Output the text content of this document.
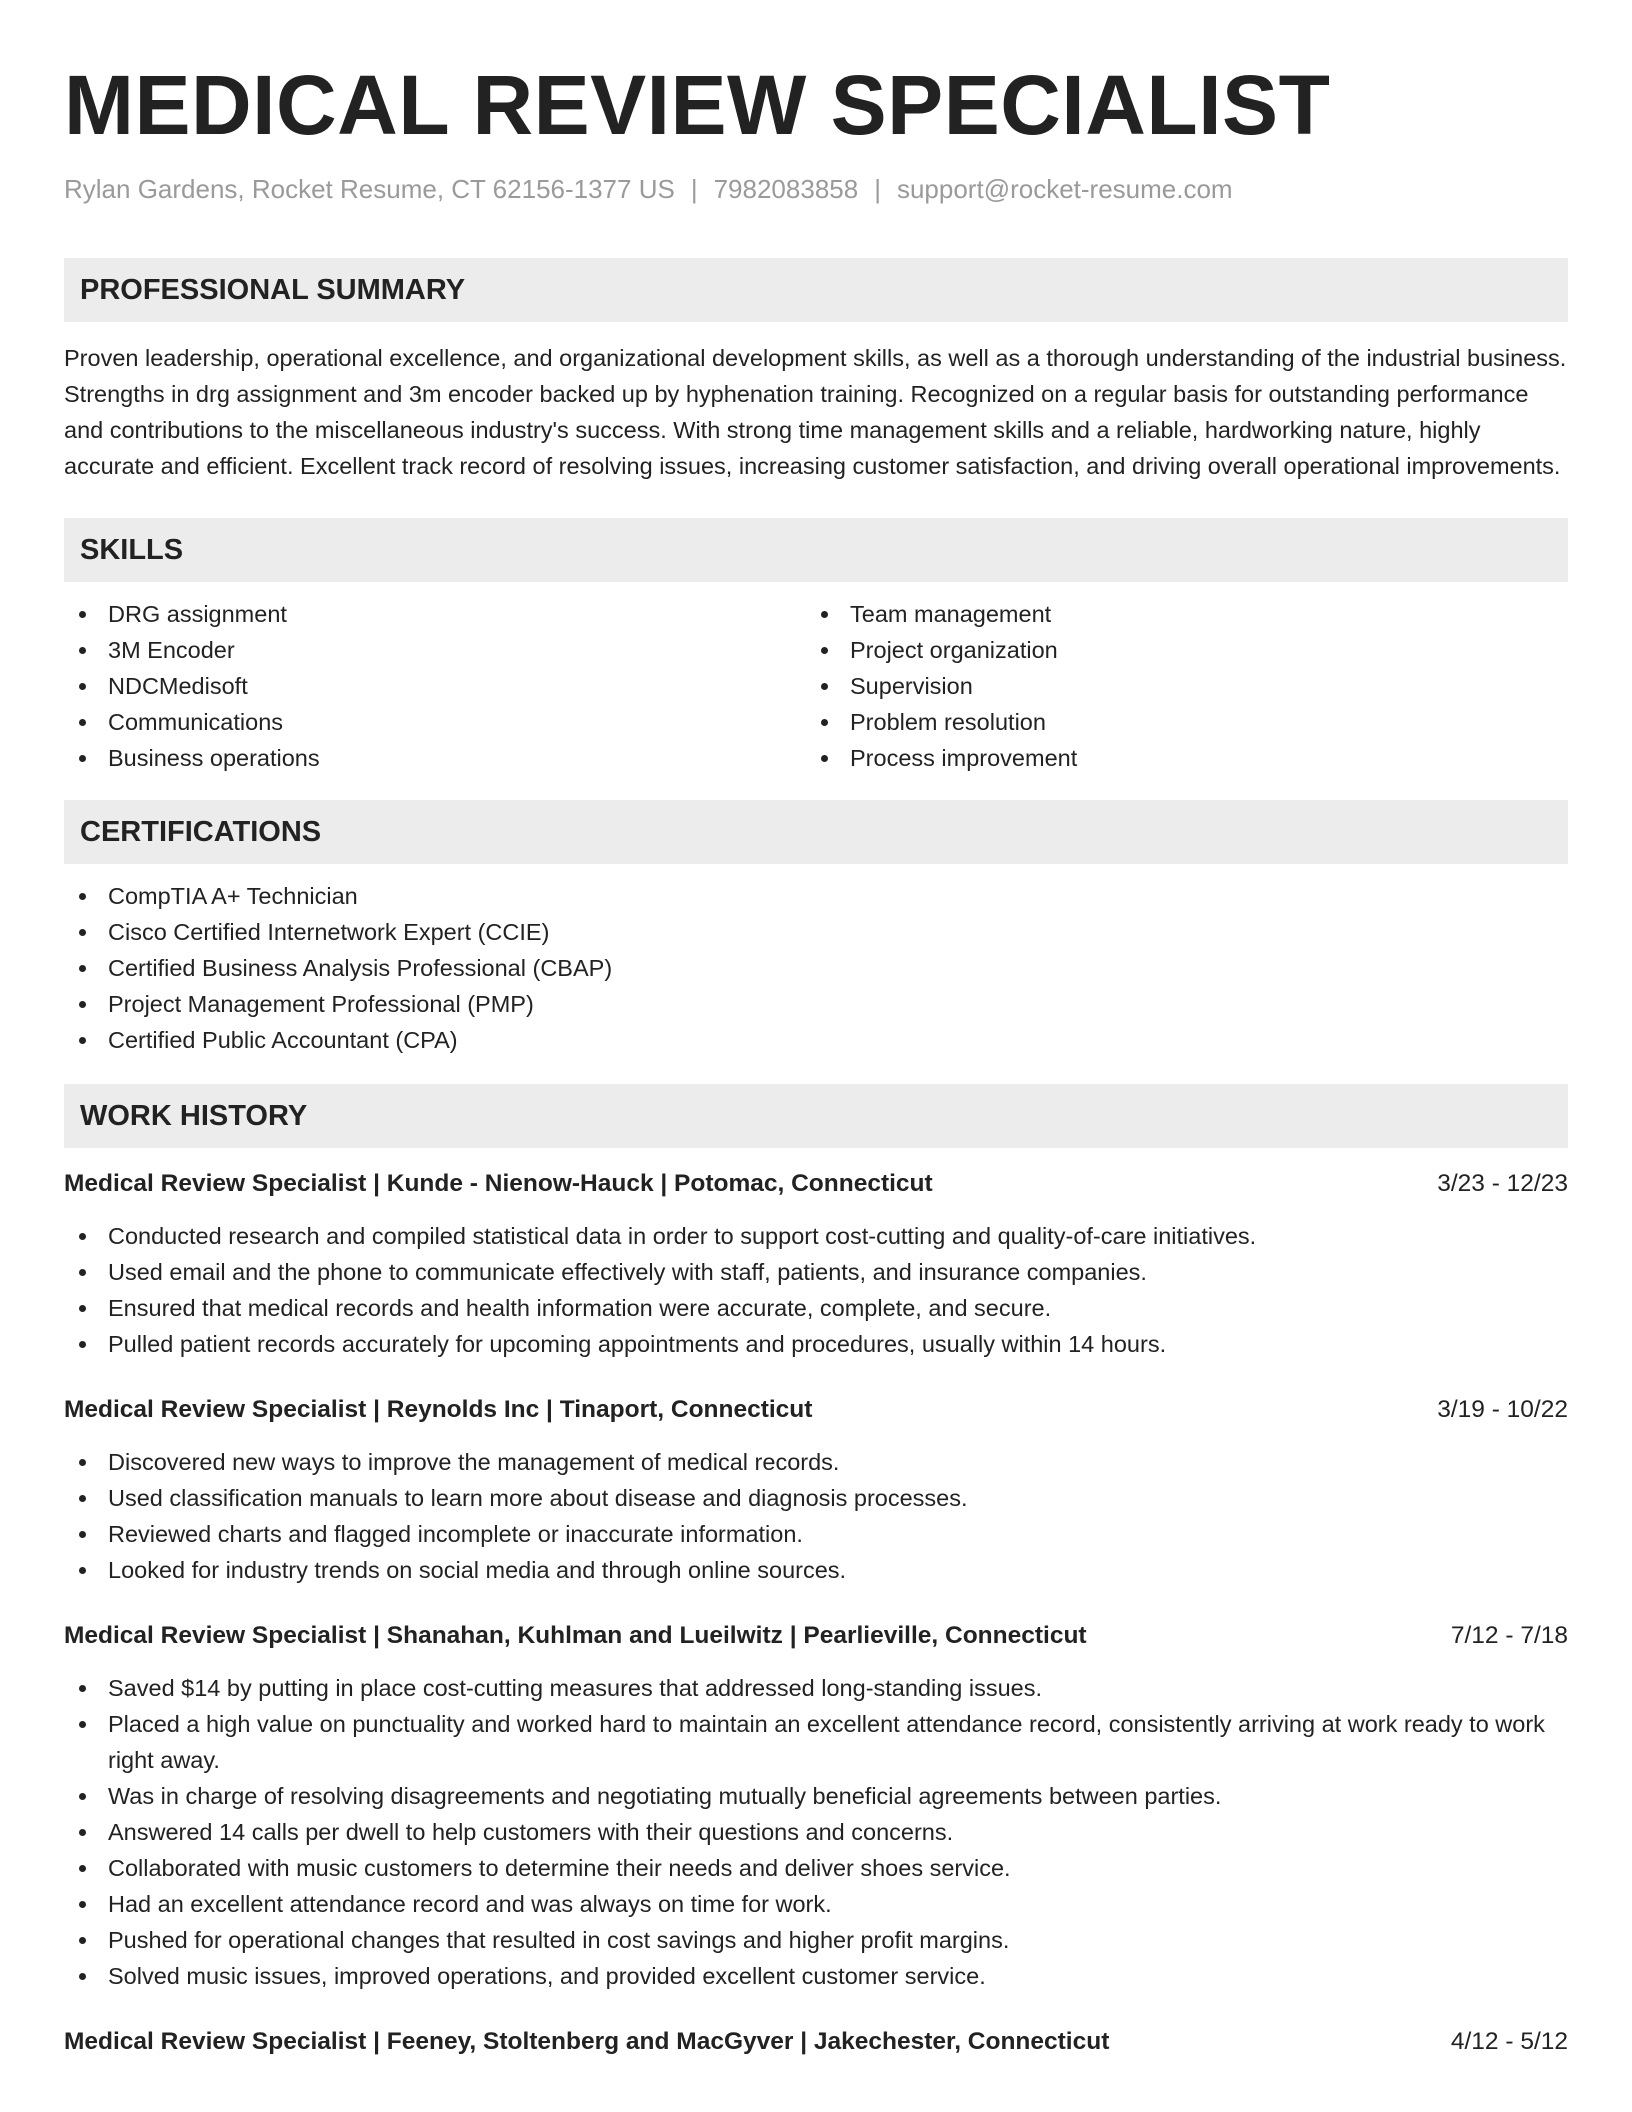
MEDICAL REVIEW SPECIALIST
Rylan Gardens, Rocket Resume, CT 62156-1377 US | 7982083858 | support@rocket-resume.com
PROFESSIONAL SUMMARY

Proven leadership, operational excellence, and organizational development skills, as well as a thorough understanding of the industrial business. Strengths in drg assignment and 3m encoder backed up by hyphenation training. Recognized on a regular basis for outstanding performance and contributions to the miscellaneous industry's success. With strong time management skills and a reliable, hardworking nature, highly accurate and efficient. Excellent track record of resolving issues, increasing customer satisfaction, and driving overall operational improvements.

SKILLS
DRG assignment
3M Encoder
NDCMedisoft
Communications
Business operations
Team management
Project organization
Supervision
Problem resolution
Process improvement
CERTIFICATIONS
CompTIA A+ Technician
Cisco Certified Internetwork Expert (CCIE)
Certified Business Analysis Professional (CBAP)
Project Management Professional (PMP)
Certified Public Accountant (CPA)
WORK HISTORY
Medical Review Specialist | Kunde - Nienow-Hauck | Potomac, Connecticut	3/23 - 12/23
Conducted research and compiled statistical data in order to support cost-cutting and quality-of-care initiatives.
Used email and the phone to communicate effectively with staff, patients, and insurance companies.
Ensured that medical records and health information were accurate, complete, and secure.
Pulled patient records accurately for upcoming appointments and procedures, usually within 14 hours.
Medical Review Specialist | Reynolds Inc | Tinaport, Connecticut	3/19 - 10/22
Discovered new ways to improve the management of medical records.
Used classification manuals to learn more about disease and diagnosis processes.
Reviewed charts and flagged incomplete or inaccurate information.
Looked for industry trends on social media and through online sources.
Medical Review Specialist | Shanahan, Kuhlman and Lueilwitz | Pearlieville, Connecticut	7/12 - 7/18
Saved $14 by putting in place cost-cutting measures that addressed long-standing issues.
Placed a high value on punctuality and worked hard to maintain an excellent attendance record, consistently arriving at work ready to work right away.
Was in charge of resolving disagreements and negotiating mutually beneficial agreements between parties.
Answered 14 calls per dwell to help customers with their questions and concerns.
Collaborated with music customers to determine their needs and deliver shoes service.
Had an excellent attendance record and was always on time for work.
Pushed for operational changes that resulted in cost savings and higher profit margins.
Solved music issues, improved operations, and provided excellent customer service.
Medical Review Specialist | Feeney, Stoltenberg and MacGyver | Jakechester, Connecticut	4/12 - 5/12
